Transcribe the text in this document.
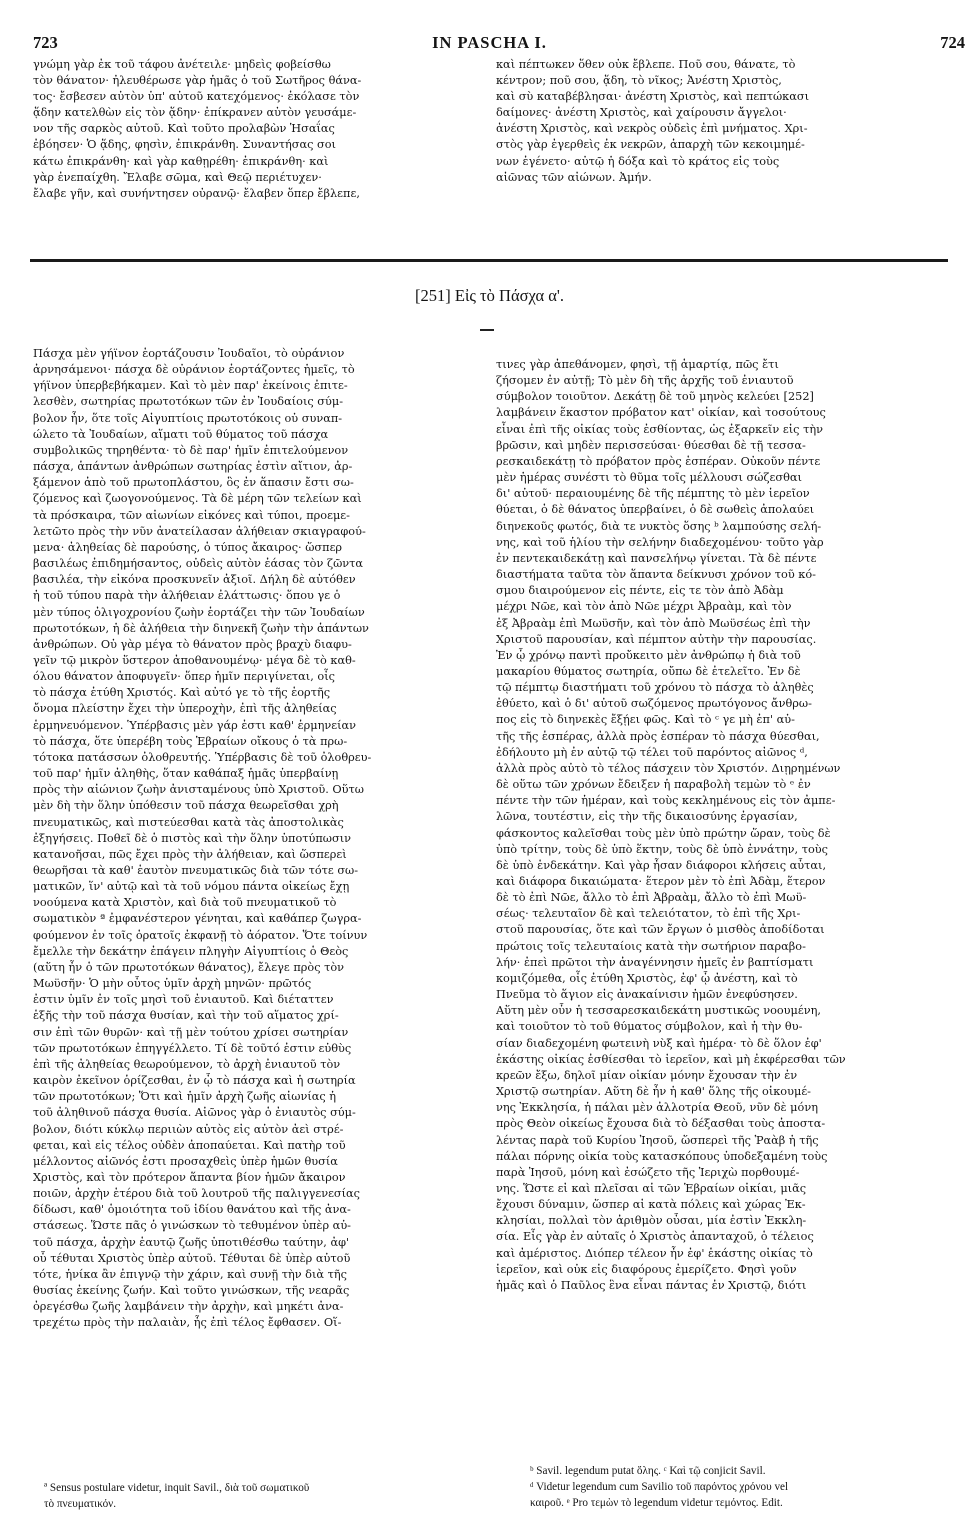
723	IN PASCHA I.	724
γνώμη γὰρ ἐκ τοῦ τάφου ἀνέτειλε· μηδεὶς φοβείσθω
τὸν θάνατον· ἠλευθέρωσε γὰρ ἡμᾶς ὁ τοῦ Σωτῆρος θάνα-
τος· ἔσβεσεν αὐτὸν ὑπ' αὐτοῦ κατεχόμενος· ἐκόλασε τὸν
ᾅδην κατελθὼν εἰς τὸν ᾅδην· ἐπίκρανεν αὐτὸν γευσάμε-
νον τῆς σαρκὸς αὐτοῦ. Καὶ τοῦτο προλαβὼν Ἡσαΐας
ἐβόησεν· Ὁ ᾅδης, φησὶν, ἐπικράνθη. Συναντήσας σοι
κάτω ἐπικράνθη· καὶ γὰρ καθῃρέθη· ἐπικράνθη· καὶ
γὰρ ἐνεπαίχθη. Ἔλαβε σῶμα, καὶ Θεῷ περιέτυχεν·
ἔλαβε γῆν, καὶ συνήντησεν οὐρανῷ· ἔλαβεν ὅπερ ἔβλεπε,
καὶ πέπτωκεν ὅθεν οὐκ ἔβλεπε. Ποῦ σου, θάνατε, τὸ
κέντρον; ποῦ σου, ᾅδη, τὸ νῖκος; Ἀνέστη Χριστὸς,
καὶ σὺ καταβέβλησαι· ἀνέστη Χριστὸς, καὶ πεπτώκασι
δαίμονες· ἀνέστη Χριστὸς, καὶ χαίρουσιν ἄγγελοι·
ἀνέστη Χριστὸς, καὶ νεκρὸς οὐδεὶς ἐπὶ μνήματος. Χρι-
στὸς γὰρ ἐγερθεὶς ἐκ νεκρῶν, ἀπαρχὴ τῶν κεκοιμημέ-
νων ἐγένετο· αὐτῷ ἡ δόξα καὶ τὸ κράτος εἰς τοὺς
αἰῶνας τῶν αἰώνων. Ἀμήν.
[251] Εἰς τὸ Πάσχα α'.
Πάσχα μὲν γήϊνον ἑορτάζουσιν Ἰουδαῖοι, τὸ οὐράνιον
ἀρνησάμενοι· πάσχα δὲ οὐράνιον ἑορτάζοντες ἡμεῖς, τὸ
γήϊνον ὑπερβεβήκαμεν. Καὶ τὸ μὲν παρ' ἐκείνοις ἐπιτε-
λεσθὲν, σωτηρίας πρωτοτόκων τῶν ἐν Ἰουδαίοις σύμ-
βολον ἦν, ὅτε τοῖς Αἰγυπτίοις πρωτοτόκοις οὐ συναπ-
ώλετο τὰ Ἰουδαίων, αἵματι τοῦ θύματος τοῦ πάσχα
συμβολικῶς τηρηθέντα· τὸ δὲ παρ' ἡμῖν ἐπιτελούμενον
πάσχα, ἁπάντων ἀνθρώπων σωτηρίας ἐστὶν αἴτιον, ἀρ-
ξάμενον ἀπὸ τοῦ πρωτοπλάστου, ὃς ἐν ἅπασιν ἔστι σω-
ζόμενος καὶ ζωογονούμενος. Τὰ δὲ μέρη τῶν τελείων καὶ
τὰ πρόσκαιρα, τῶν αἰωνίων εἰκόνες καὶ τύποι, προεμε-
λετῶτο πρὸς τὴν νῦν ἀνατείλασαν ἀλήθειαν σκιαγραφού-
μενα· ἀληθείας δὲ παρούσης, ὁ τύπος ἄκαιρος· ὥσπερ
βασιλέως ἐπιδημήσαντος, οὐδεὶς αὐτὸν ἐάσας τὸν ζῶντα
βασιλέα, τὴν εἰκόνα προσκυνεῖν ἀξιοῖ. Δήλη δὲ αὐτόθεν
ἡ τοῦ τύπου παρὰ τὴν ἀλήθειαν ἐλάττωσις· ὅπου γε ὁ
μὲν τύπος ὀλιγοχρονίου ζωὴν ἑορτάζει τὴν τῶν Ἰουδαίων
πρωτοτόκων, ἡ δὲ ἀλήθεια τὴν διηνεκῆ ζωὴν τὴν ἁπάντων
ἀνθρώπων. Οὐ γὰρ μέγα τὸ θάνατον πρὸς βραχὺ διαφυ-
γεῖν τῷ μικρὸν ὕστερον ἀποθανουμένῳ· μέγα δὲ τὸ καθ-
όλου θάνατον ἀποφυγεῖν· ὅπερ ἡμῖν περιγίνεται, οἷς
τὸ πάσχα ἐτύθη Χριστός. Καὶ αὐτό γε τὸ τῆς ἑορτῆς
ὄνομα πλείστην ἔχει τὴν ὑπεροχὴν, ἐπὶ τῆς ἀληθείας
ἑρμηνευόμενον. Ὑπέρβασις μὲν γάρ ἐστι καθ' ἑρμηνείαν
τὸ πάσχα, ὅτε ὑπερέβη τοὺς Ἑβραίων οἴκους ὁ τὰ πρω-
τότοκα πατάσσων ὀλοθρευτής. Ὑπέρβασις δὲ τοῦ ὀλοθρευ-
τοῦ παρ' ἡμῖν ἀληθὴς, ὅταν καθάπαξ ἡμᾶς ὑπερβαίνῃ
πρὸς τὴν αἰώνιον ζωὴν ἀνισταμένους ὑπὸ Χριστοῦ. Οὕτω
μὲν δὴ τὴν ὅλην ὑπόθεσιν τοῦ πάσχα θεωρεῖσθαι χρὴ
πνευματικῶς, καὶ πιστεύεσθαι κατὰ τὰς ἀποστολικὰς
ἐξηγήσεις. Ποθεῖ δὲ ὁ πιστὸς καὶ τὴν ὅλην ὑποτύπωσιν
κατανοῆσαι, πῶς ἔχει πρὸς τὴν ἀλήθειαν, καὶ ὥσπερεὶ
θεωρῆσαι τὰ καθ' ἑαυτὸν πνευματικῶς διὰ τῶν τότε σω-
ματικῶν, ἵν' αὐτῷ καὶ τὰ τοῦ νόμου πάντα οἰκείως ἔχῃ
νοούμενα κατὰ Χριστὸν, καὶ διὰ τοῦ πνευματικοῦ τὸ
σωματικὸν ª ἐμφανέστερον γένηται, καὶ καθάπερ ζωγρα-
φούμενον ἐν τοῖς ὁρατοῖς ἐκφανῇ τὸ ἀόρατον. Ὅτε τοίνυν
ἔμελλε τὴν δεκάτην ἐπάγειν πληγὴν Αἰγυπτίοις ὁ Θεὸς
(αὕτη ἦν ὁ τῶν πρωτοτόκων θάνατος), ἔλεγε πρὸς τὸν
Μωϋσῆν· Ὁ μὴν οὗτος ὑμῖν ἀρχὴ μηνῶν· πρῶτός
ἐστιν ὑμῖν ἐν τοῖς μησὶ τοῦ ἐνιαυτοῦ. Καὶ διέταττεν
ἑξῆς τὴν τοῦ πάσχα θυσίαν, καὶ τὴν τοῦ αἵματος χρί-
σιν ἐπὶ τῶν θυρῶν· καὶ τῇ μὲν τούτου χρίσει σωτηρίαν
τῶν πρωτοτόκων ἐπηγγέλλετο. Τί δὲ τοῦτό ἐστιν εὐθὺς
ἐπὶ τῆς ἀληθείας θεωρούμενον, τὸ ἀρχὴ ἐνιαυτοῦ τὸν
καιρὸν ἐκεῖνον ὁρίζεσθαι, ἐν ᾧ τὸ πάσχα καὶ ἡ σωτηρία
τῶν πρωτοτόκων; Ὅτι καὶ ἡμῖν ἀρχὴ ζωῆς αἰωνίας ἡ
τοῦ ἀληθινοῦ πάσχα θυσία. Αἰῶνος γὰρ ὁ ἐνιαυτὸς σύμ-
βολον, διότι κύκλῳ περιιὼν αὐτὸς εἰς αὐτὸν ἀεὶ στρέ-
φεται, καὶ εἰς τέλος οὐδὲν ἀποπαύεται. Καὶ πατὴρ τοῦ
μέλλοντος αἰῶνός ἐστι προσαχθεὶς ὑπὲρ ἡμῶν θυσία
Χριστὸς, καὶ τὸν πρότερον ἅπαντα βίον ἡμῶν ἄκαιρον
ποιῶν, ἀρχὴν ἑτέρου διὰ τοῦ λουτροῦ τῆς παλιγγενεσίας
δίδωσι, καθ' ὁμοιότητα τοῦ ἰδίου θανάτου καὶ τῆς ἀνα-
στάσεως. Ὥστε πᾶς ὁ γινώσκων τὸ τεθυμένον ὑπὲρ αὐ-
τοῦ πάσχα, ἀρχὴν ἑαυτῷ ζωῆς ὑποτιθέσθω ταύτην, ἀφ'
οὗ τέθυται Χριστὸς ὑπὲρ αὐτοῦ. Τέθυται δὲ ὑπὲρ αὐτοῦ
τότε, ἡνίκα ἂν ἐπιγνῷ τὴν χάριν, καὶ συνῇ τὴν διὰ τῆς
θυσίας ἐκείνης ζωήν. Καὶ τοῦτο γινώσκων, τῆς νεαρᾶς
ὀρεγέσθω ζωῆς λαμβάνειν τὴν ἀρχὴν, καὶ μηκέτι ἀνα-
τρεχέτω πρὸς τὴν παλαιὰν, ἧς ἐπὶ τέλος ἔφθασεν. Οἵ-
τινες γὰρ ἀπεθάνομεν, φησὶ, τῇ ἁμαρτίᾳ, πῶς ἔτι
ζήσομεν ἐν αὐτῇ; Τὸ μὲν δὴ τῆς ἀρχῆς τοῦ ἐνιαυτοῦ
σύμβολον τοιοῦτον. Δεκάτῃ δὲ τοῦ μηνὸς κελεύει [252]
λαμβάνειν ἕκαστον πρόβατον κατ' οἰκίαν, καὶ τοσούτους
εἶναι ἐπὶ τῆς οἰκίας τοὺς ἐσθίοντας, ὡς ἐξαρκεῖν εἰς τὴν
βρῶσιν, καὶ μηδὲν περισσεύσαι· θύεσθαι δὲ τῇ τεσσα-
ρεσκαιδεκάτῃ τὸ πρόβατον πρὸς ἑσπέραν. Οὐκοῦν πέντε
μὲν ἡμέρας συνέστι τὸ θῦμα τοῖς μέλλουσι σώζεσθαι
δι' αὐτοῦ· περαιουμένης δὲ τῆς πέμπτης τὸ μὲν ἱερεῖον
θύεται, ὁ δὲ θάνατος ὑπερβαίνει, ὁ δὲ σωθεὶς ἀπολαύει
διηνεκοῦς φωτός, διὰ τε νυκτὸς ὅσης ᵇ λαμπούσης σελή-
νης, καὶ τοῦ ἡλίου τὴν σελήνην διαδεχομένου· τοῦτο γὰρ
ἐν πεντεκαιδεκάτῃ καὶ πανσελήνῳ γίνεται. Τὰ δὲ πέντε
διαστήματα ταῦτα τὸν ἅπαντα δείκνυσι χρόνον τοῦ κό-
σμου διαιρούμενον εἰς πέντε, εἰς τε τὸν ἀπὸ Ἀδὰμ
μέχρι Νῶε, καὶ τὸν ἀπὸ Νῶε μέχρι Ἀβραὰμ, καὶ τὸν
ἐξ Ἀβραὰμ ἐπὶ Μωϋσῆν, καὶ τὸν ἀπὸ Μωϋσέως ἐπὶ τὴν
Χριστοῦ παρουσίαν, καὶ πέμπτον αὐτὴν τὴν παρουσίας.
Ἐν ᾧ χρόνῳ παντὶ προὔκειτο μὲν ἀνθρώπῳ ἡ διὰ τοῦ
μακαρίου θύματος σωτηρία, οὔπω δὲ ἐτελεῖτο. Ἐν δὲ
τῷ πέμπτῳ διαστήματι τοῦ χρόνου τὸ πάσχα τὸ ἀληθὲς
ἐθύετο, καὶ ὁ δι' αὐτοῦ σωζόμενος πρωτόγονος ἄνθρω-
πος εἰς τὸ διηνεκὲς ἔξῄει φῶς. Καὶ τὸ ᶜ γε μὴ ἐπ' αὐ-
τῆς τῆς ἑσπέρας, ἀλλὰ πρὸς ἑσπέραν τὸ πάσχα θύεσθαι,
ἐδήλουτο μὴ ἐν αὐτῷ τῷ τέλει τοῦ παρόντος αἰῶνος ᵈ,
ἀλλὰ πρὸς αὐτὸ τὸ τέλος πάσχειν τὸν Χριστόν. Διῃρημένων
δὲ οὕτω τῶν χρόνων ἔδειξεν ἡ παραβολὴ τεμὼν τὸ ᵉ ἐν
πέντε τὴν τῶν ἡμέραν, καὶ τοὺς κεκλημένους εἰς τὸν ἀμπε-
λῶνα, τουτέστιν, εἰς τὴν τῆς δικαιοσύνης ἐργασίαν,
φάσκοντος καλεῖσθαι τοὺς μὲν ὑπὸ πρώτην ὥραν, τοὺς δὲ
ὑπὸ τρίτην, τοὺς δὲ ὑπὸ ἕκτην, τοὺς δὲ ὑπὸ ἐννάτην, τοὺς
δὲ ὑπὸ ἑνδεκάτην. Καὶ γὰρ ἦσαν διάφοροι κλήσεις αὗται,
καὶ διάφορα δικαιώματα· ἕτερον μὲν τὸ ἐπὶ Ἀδὰμ, ἕτερον
δὲ τὸ ἐπὶ Νῶε, ἄλλο τὸ ἐπὶ Ἀβραὰμ, ἄλλο τὸ ἐπὶ Μωϋ-
σέως· τελευταῖον δὲ καὶ τελειότατον, τὸ ἐπὶ τῆς Χρι-
στοῦ παρουσίας, ὅτε καὶ τῶν ἔργων ὁ μισθὸς ἀποδίδοται
πρώτοις τοῖς τελευταίοις κατὰ τὴν σωτήριον παραβο-
λήν· ἐπεὶ πρῶτοι τὴν ἀναγέννησιν ἡμεῖς ἐν βαπτίσματι
κομιζόμεθα, οἷς ἐτύθη Χριστὸς, ἐφ' ᾧ ἀνέστη, καὶ τὸ
Πνεῦμα τὸ ἅγιον εἰς ἀνακαίνισιν ἡμῶν ἐνεφύσησεν.
Αὕτη μὲν οὖν ἡ τεσσαρεσκαιδεκάτη μυστικῶς νοουμένη,
καὶ τοιοῦτον τὸ τοῦ θύματος σύμβολον, καὶ ἡ τὴν θυ-
σίαν διαδεχομένη φωτεινὴ νὺξ καὶ ἡμέρα· τὸ δὲ ὅλον ἐφ'
ἑκάστης οἰκίας ἐσθίεσθαι τὸ ἱερεῖον, καὶ μὴ ἐκφέρεσθαι τῶν
κρεῶν ἔξω, δηλοῖ μίαν οἰκίαν μόνην ἔχουσαν τὴν ἐν
Χριστῷ σωτηρίαν. Αὕτη δὲ ἦν ἡ καθ' ὅλης τῆς οἰκουμέ-
νης Ἐκκλησία, ἡ πάλαι μὲν ἀλλοτρία Θεοῦ, νῦν δὲ μόνη
πρὸς Θεὸν οἰκείως ἔχουσα διὰ τὸ δέξασθαι τοὺς ἀποστα-
λέντας παρὰ τοῦ Κυρίου Ἰησοῦ, ὥσπερεὶ τῆς Ῥαὰβ ἡ τῆς
πάλαι πόρνης οἰκία τοὺς κατασκόπους ὑποδεξαμένη τοὺς
παρὰ Ἰησοῦ, μόνη καὶ ἐσώζετο τῆς Ἱεριχὼ πορθουμέ-
νης. Ὥστε εἰ καὶ πλεῖσαι αἱ τῶν Ἑβραίων οἰκίαι, μιᾶς
ἔχουσι δύναμιν, ὥσπερ αἱ κατὰ πόλεις καὶ χώρας Ἐκ-
κλησίαι, πολλαὶ τὸν ἀριθμὸν οὖσαι, μία ἐστὶν Ἐκκλη-
σία. Εἷς γὰρ ἐν αὐταῖς ὁ Χριστὸς ἁπανταχοῦ, ὁ τέλειος
καὶ ἀμέριστος. Διόπερ τέλεον ἦν ἐφ' ἑκάστης οἰκίας τὸ
ἱερεῖον, καὶ οὐκ εἰς διαφόρους ἐμερίζετο. Φησὶ γοῦν
ἡμᾶς καὶ ὁ Παῦλος ἓνα εἶναι πάντας ἐν Χριστῷ, διότι
ª Sensus postulare videtur, inquit Savil., διὰ τοῦ σωματικοῦ
τὸ πνευματικόν.
ᵇ Savil. legendum putat ὅλης. ᶜ Καὶ τῷ conjicit Savil.
ᵈ Videtur legendum cum Savilio τοῦ παρόντος χρόνου vel
καιροῦ. ᵉ Pro τεμὼν τὸ legendum videtur τεμόντος. Edit.
